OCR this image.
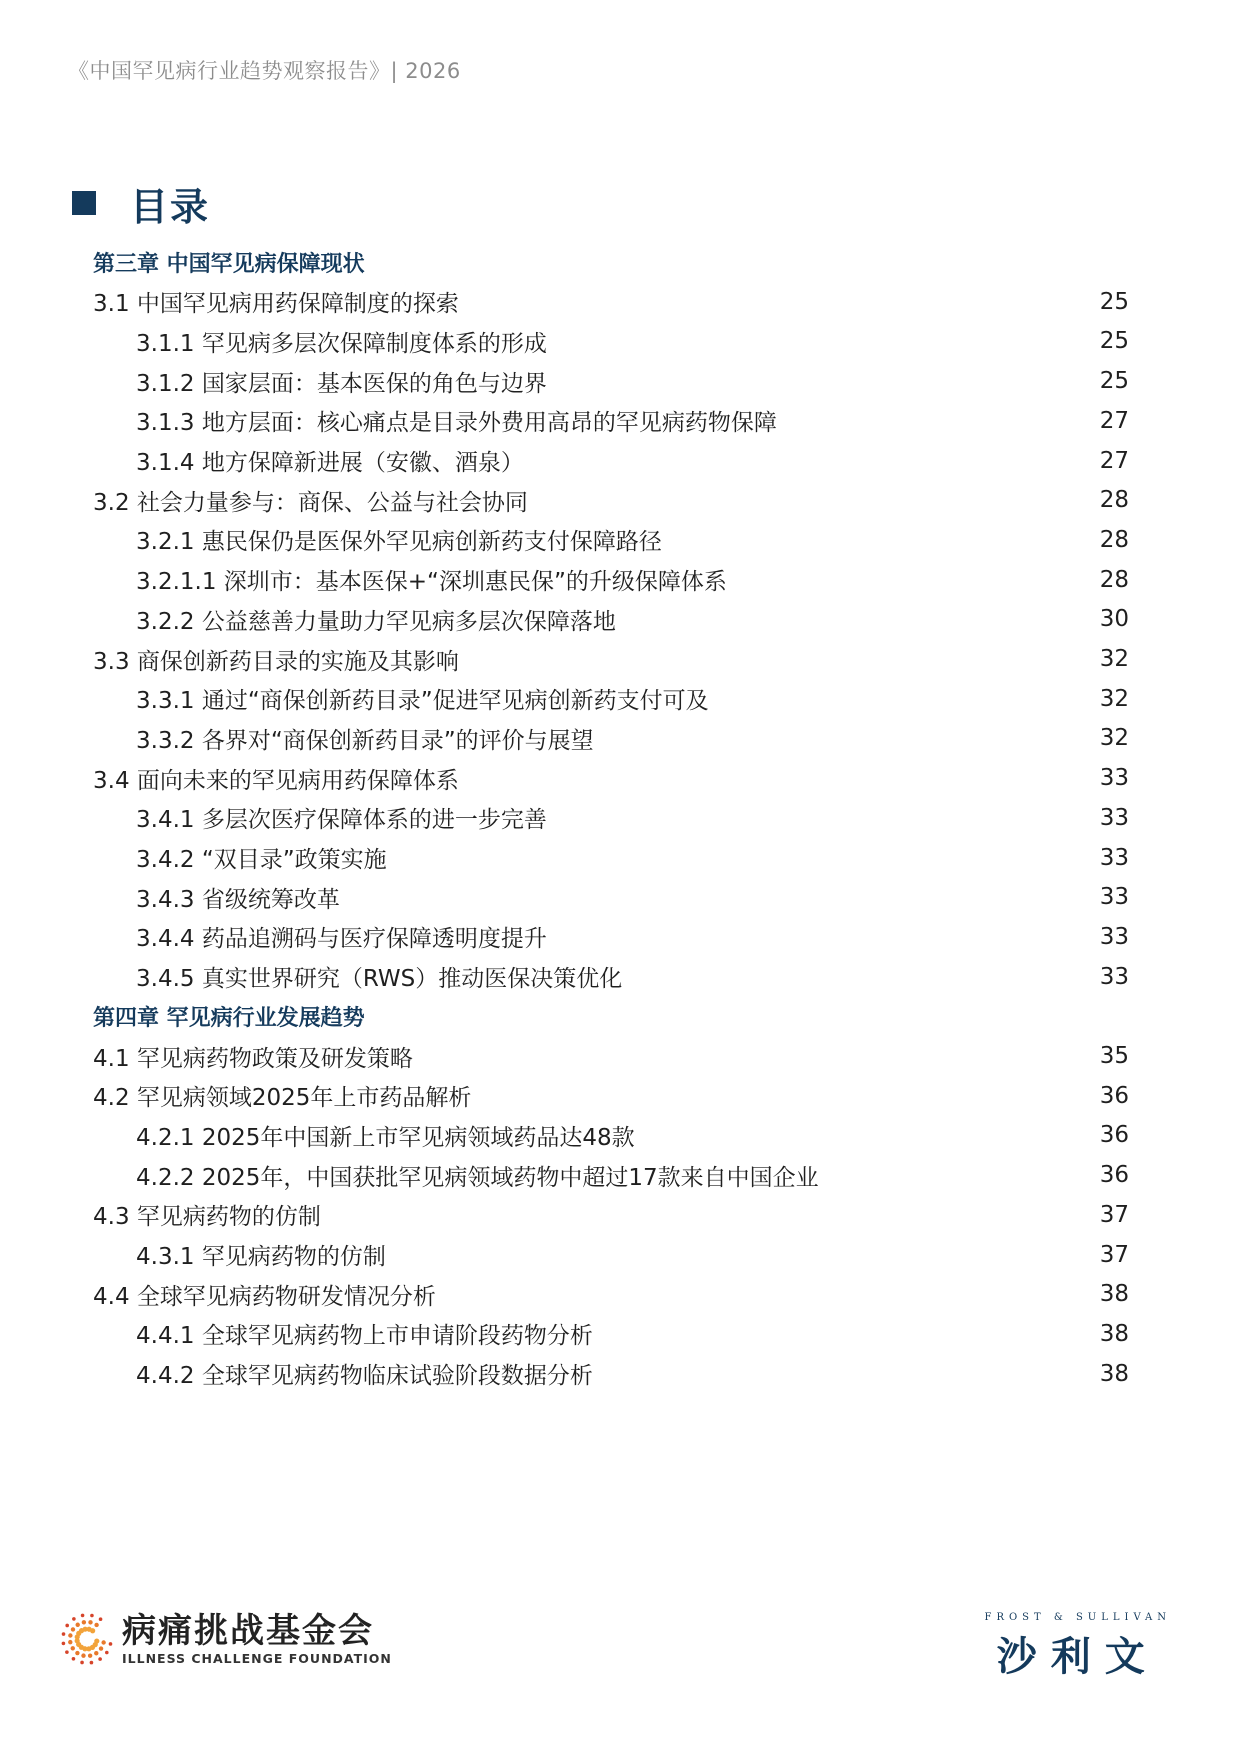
《中国罕见病行业趋势观察报告》| 2026
目录
第三章 中国罕见病保障现状
3.1 中国罕见病用药保障制度的探索	25
3.1.1 罕见病多层次保障制度体系的形成	25
3.1.2 国家层面：基本医保的角色与边界	25
3.1.3 地方层面：核心痛点是目录外费用高昂的罕见病药物保障	27
3.1.4 地方保障新进展（安徽、酒泉）	27
3.2 社会力量参与：商保、公益与社会协同	28
3.2.1 惠民保仍是医保外罕见病创新药支付保障路径	28
3.2.1.1 深圳市：基本医保+“深圳惠民保”的升级保障体系	28
3.2.2 公益慈善力量助力罕见病多层次保障落地	30
3.3 商保创新药目录的实施及其影响	32
3.3.1 通过“商保创新药目录”促进罕见病创新药支付可及	32
3.3.2 各界对“商保创新药目录”的评价与展望	32
3.4 面向未来的罕见病用药保障体系	33
3.4.1 多层次医疗保障体系的进一步完善	33
3.4.2 “双目录”政策实施	33
3.4.3 省级统筹改革	33
3.4.4 药品追溯码与医疗保障透明度提升	33
3.4.5 真实世界研究（RWS）推动医保决策优化	33
第四章 罕见病行业发展趋势
4.1 罕见病药物政策及研发策略	35
4.2 罕见病领域2025年上市药品解析	36
4.2.1 2025年中国新上市罕见病领域药品达48款	36
4.2.2 2025年，中国获批罕见病领域药物中超过17款来自中国企业	36
4.3 罕见病药物的仿制	37
4.3.1 罕见病药物的仿制	37
4.4 全球罕见病药物研发情况分析	38
4.4.1 全球罕见病药物上市申请阶段药物分析	38
4.4.2 全球罕见病药物临床试验阶段数据分析	38
病痛挑战基金会
ILLNESS CHALLENGE FOUNDATION
FROST & SULLIVAN
沙利文
